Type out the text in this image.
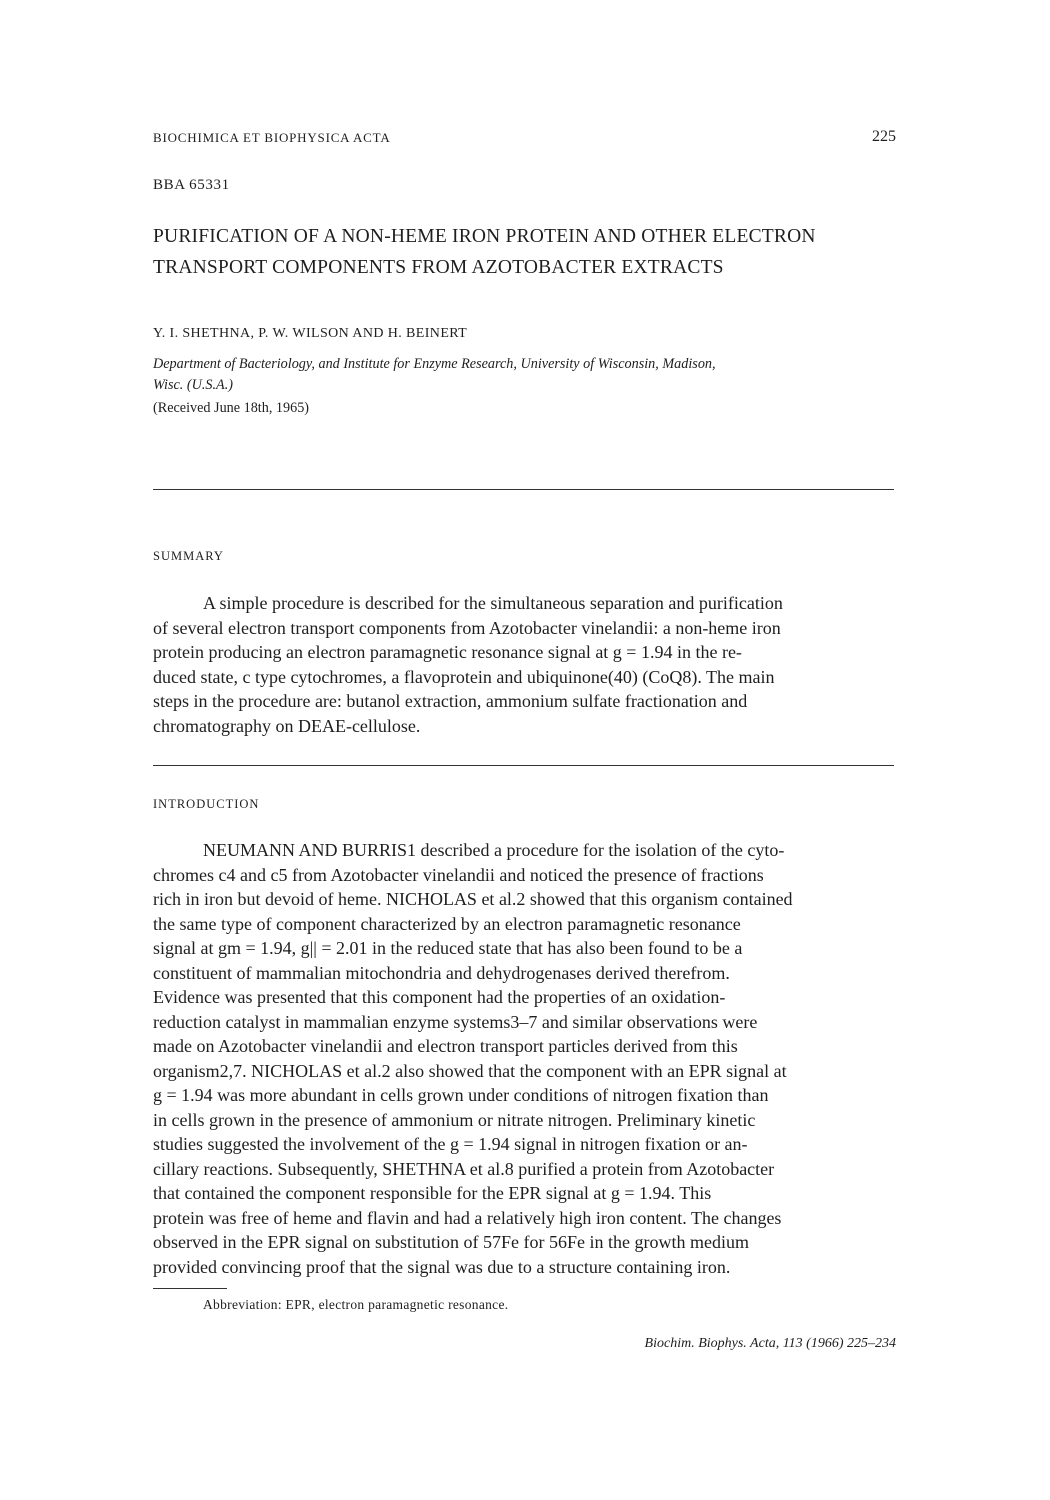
BIOCHIMICA ET BIOPHYSICA ACTA	225
BBA 65331
PURIFICATION OF A NON-HEME IRON PROTEIN AND OTHER ELECTRON
TRANSPORT COMPONENTS FROM AZOTOBACTER EXTRACTS
Y. I. SHETHNA, P. W. WILSON AND H. BEINERT
Department of Bacteriology, and Institute for Enzyme Research, University of Wisconsin, Madison,
Wisc. (U.S.A.)
(Received June 18th, 1965)
SUMMARY
A simple procedure is described for the simultaneous separation and purification
of several electron transport components from Azotobacter vinelandii: a non-heme iron
protein producing an electron paramagnetic resonance signal at g = 1.94 in the re-
duced state, c type cytochromes, a flavoprotein and ubiquinone(40) (CoQ8). The main
steps in the procedure are: butanol extraction, ammonium sulfate fractionation and
chromatography on DEAE-cellulose.
INTRODUCTION
NEUMANN AND BURRIS1 described a procedure for the isolation of the cyto-
chromes c4 and c5 from Azotobacter vinelandii and noticed the presence of fractions
rich in iron but devoid of heme. NICHOLAS et al.2 showed that this organism contained
the same type of component characterized by an electron paramagnetic resonance
signal at gm = 1.94, g|| = 2.01 in the reduced state that has also been found to be a
constituent of mammalian mitochondria and dehydrogenases derived therefrom.
Evidence was presented that this component had the properties of an oxidation-
reduction catalyst in mammalian enzyme systems3–7 and similar observations were
made on Azotobacter vinelandii and electron transport particles derived from this
organism2,7. NICHOLAS et al.2 also showed that the component with an EPR signal at
g = 1.94 was more abundant in cells grown under conditions of nitrogen fixation than
in cells grown in the presence of ammonium or nitrate nitrogen. Preliminary kinetic
studies suggested the involvement of the g = 1.94 signal in nitrogen fixation or an-
cillary reactions. Subsequently, SHETHNA et al.8 purified a protein from Azotobacter
that contained the component responsible for the EPR signal at g = 1.94. This
protein was free of heme and flavin and had a relatively high iron content. The changes
observed in the EPR signal on substitution of 57Fe for 56Fe in the growth medium
provided convincing proof that the signal was due to a structure containing iron.
Abbreviation: EPR, electron paramagnetic resonance.
Biochim. Biophys. Acta, 113 (1966) 225–234
